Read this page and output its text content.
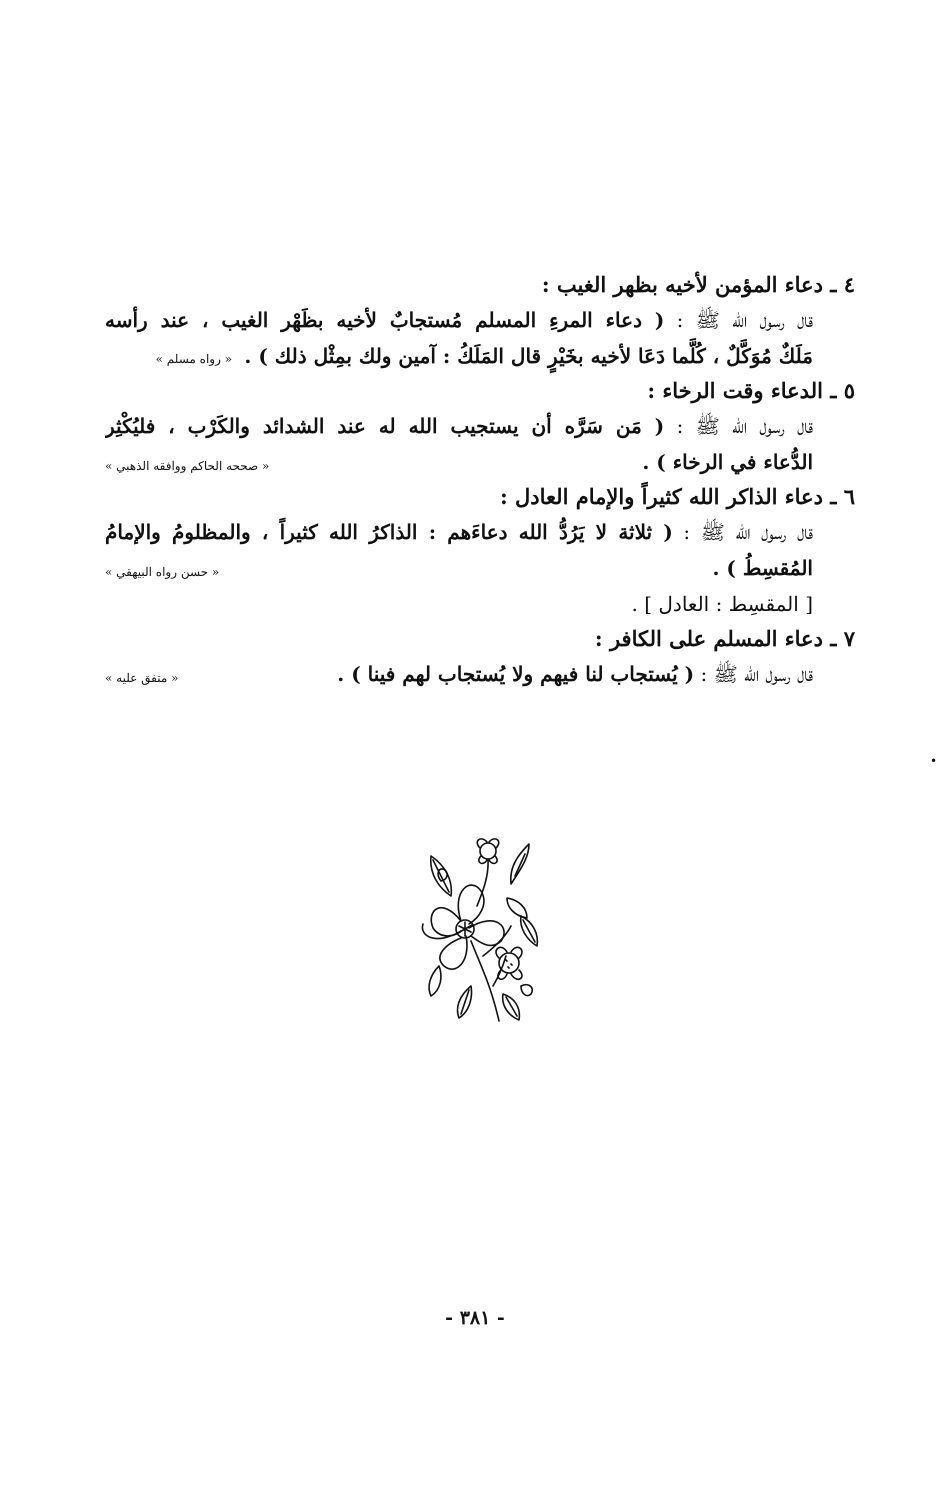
٤ ـ دعاء المؤمن لأخيه بظهر الغيب :
قال رسول الله ﷺ : ( دعاء المرءِ المسلم مُستجابٌ لأخيه بظَهْر الغيب ، عند رأسه
مَلَكٌ مُوَكَّلٌ ، كُلَّما دَعَا لأخيه بخَيْرٍ قال المَلَكُ : آمين ولك بمِثْل ذلك ) . « رواه مسلم »
٥ ـ الدعاء وقت الرخاء :
قال رسول الله ﷺ : ( مَن سَرَّه أن يستجيب الله له عند الشدائد والكَرْب ، فليُكْثِر
الدُّعاء في الرخاء ) .
« صححه الحاكم ووافقه الذهبي »
٦ ـ دعاء الذاكر الله كثيراً والإمام العادل :
قال رسول الله ﷺ : ( ثلاثة لا يَرُدُّ الله دعاءَهم : الذاكرُ الله كثيراً ، والمظلومُ والإمامُ
المُقسِطُ ) .
« حسن رواه البيهقي »
[ المقسِط : العادل ] .
٧ ـ دعاء المسلم على الكافر :
قال رسول الله ﷺ : ( يُستجاب لنا فيهم ولا يُستجاب لهم فينا ) .
« متفق عليه »
- ٣٨١ -
•
